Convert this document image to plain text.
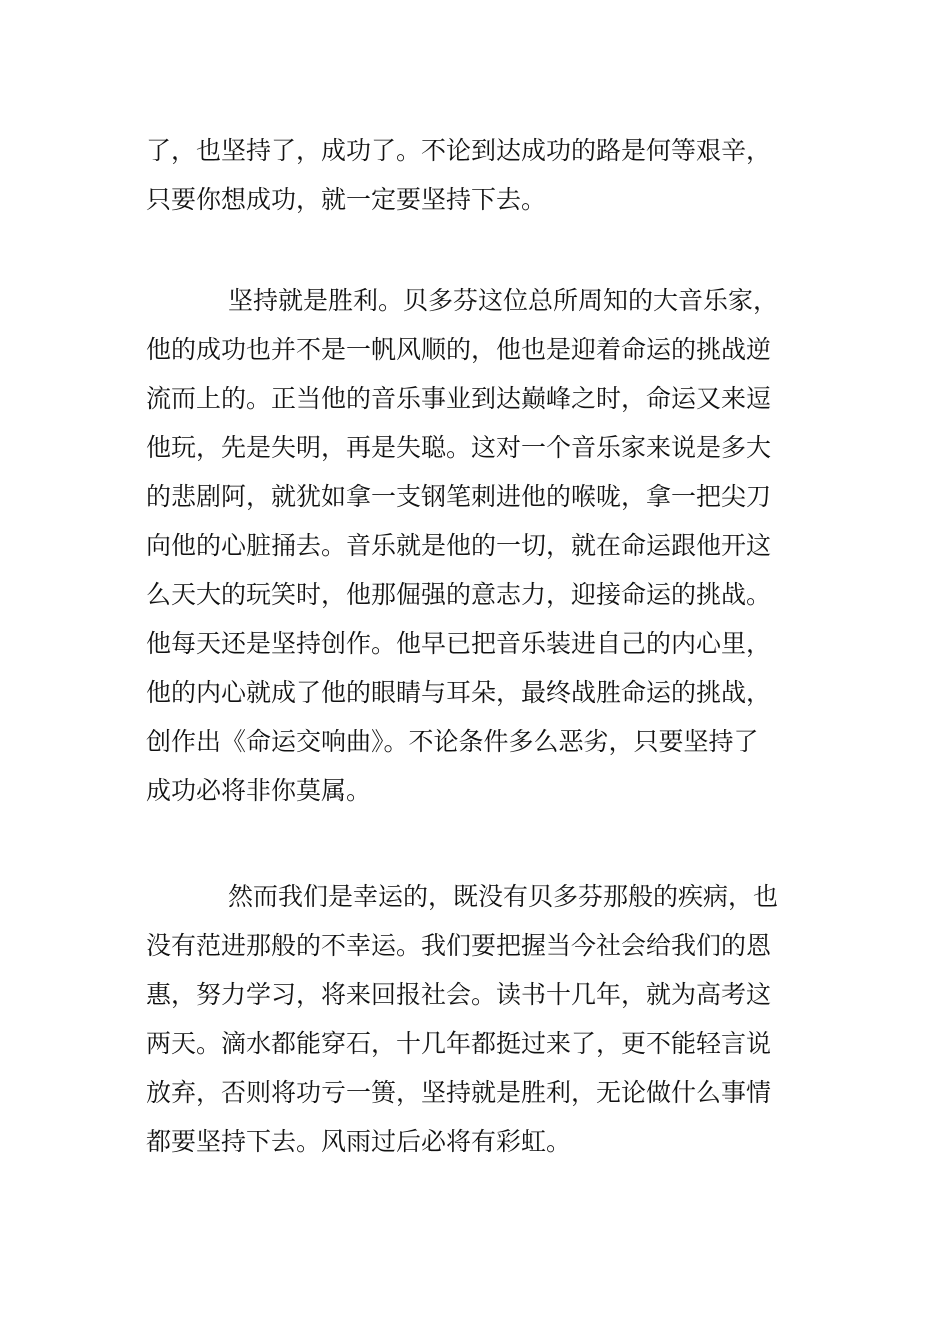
了，也坚持了，成功了。不论到达成功的路是何等艰辛，
只要你想成功，就一定要坚持下去。
坚持就是胜利。贝多芬这位总所周知的大音乐家，
他的成功也并不是一帆风顺的，他也是迎着命运的挑战逆
流而上的。正当他的音乐事业到达巅峰之时，命运又来逗
他玩，先是失明，再是失聪。这对一个音乐家来说是多大
的悲剧阿，就犹如拿一支钢笔刺进他的喉咙，拿一把尖刀
向他的心脏捅去。音乐就是他的一切，就在命运跟他开这
么天大的玩笑时，他那倔强的意志力，迎接命运的挑战。
他每天还是坚持创作。他早已把音乐装进自己的内心里，
他的内心就成了他的眼睛与耳朵，最终战胜命运的挑战，
创作出《命运交响曲》。不论条件多么恶劣，只要坚持了
成功必将非你莫属。
然而我们是幸运的，既没有贝多芬那般的疾病，也
没有范进那般的不幸运。我们要把握当今社会给我们的恩
惠，努力学习，将来回报社会。读书十几年，就为高考这
两天。滴水都能穿石，十几年都挺过来了，更不能轻言说
放弃，否则将功亏一篑，坚持就是胜利，无论做什么事情
都要坚持下去。风雨过后必将有彩虹。
